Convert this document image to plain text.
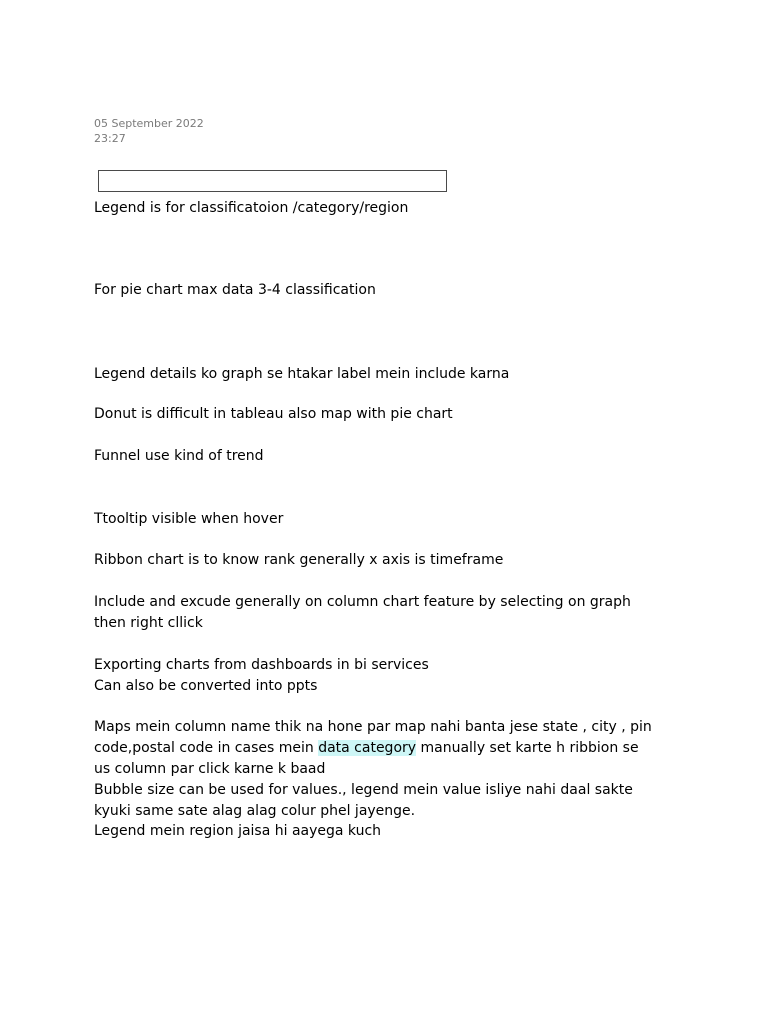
05 September 2022
23:27
Legend is for classificatoion /category/region
For pie chart max data 3-4 classification
Legend details ko graph se htakar label mein include karna
Donut is difficult in tableau also map with pie chart
Funnel use kind of trend
Ttooltip visible when hover
Ribbon chart is to know rank generally x axis is timeframe
Include and excude generally on column chart feature by selecting on graph
then right cllick
Exporting charts from dashboards in bi services
Can also be converted into ppts
Maps mein column name thik na hone par map nahi banta jese state , city , pin
code,postal code in cases mein data category manually set karte h ribbion se
us column par click karne k baad
Bubble size can be used for values., legend mein value isliye nahi daal sakte
kyuki same sate alag alag colur phel jayenge.
Legend mein region jaisa hi aayega kuch
